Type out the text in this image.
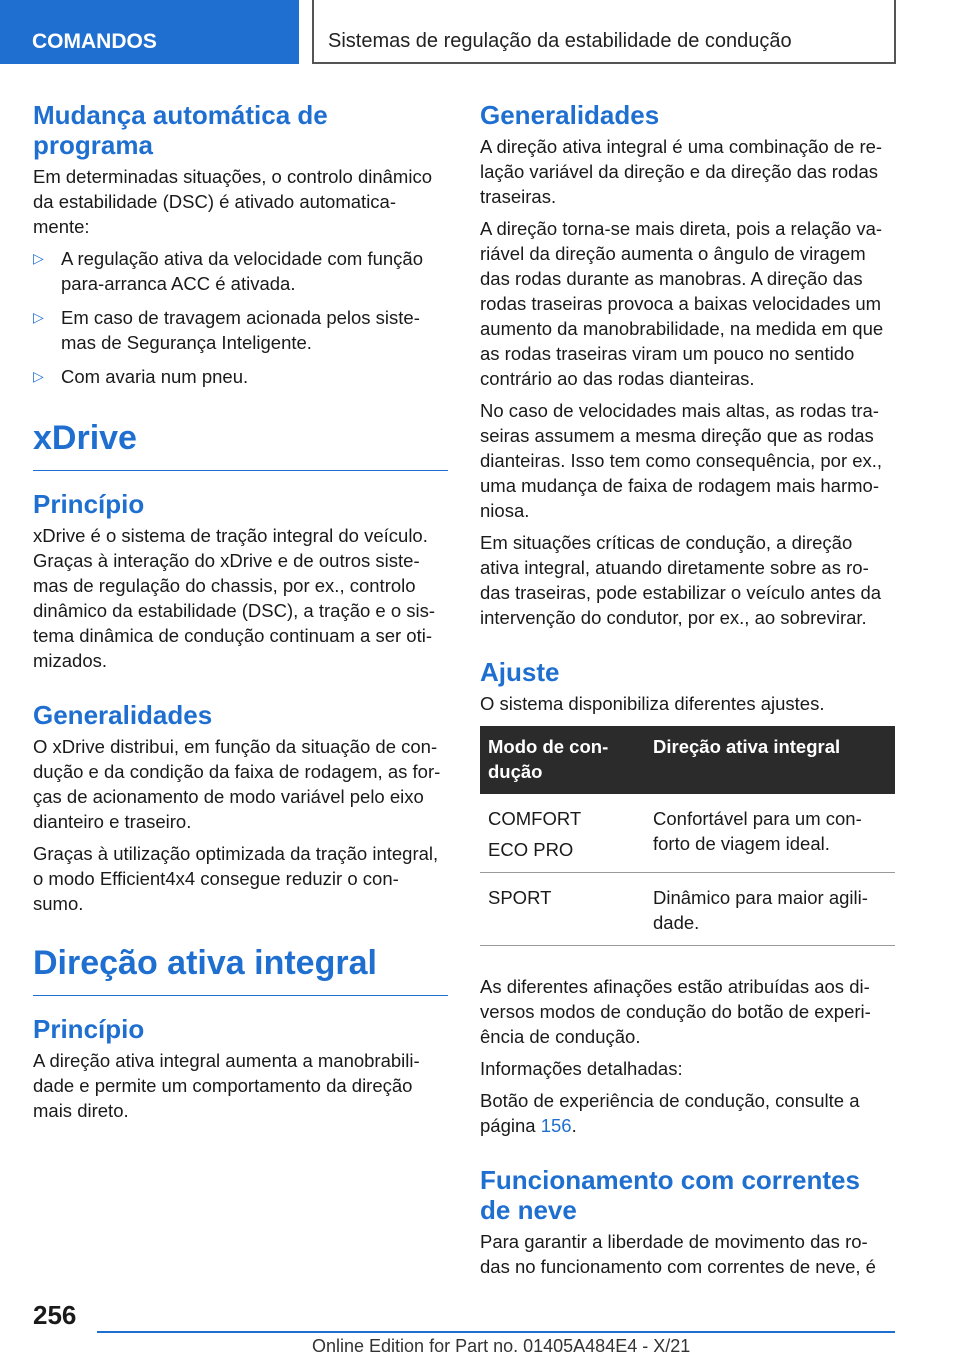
COMANDOS	Sistemas de regulação da estabilidade de condução
Mudança automática de
programa

Em determinadas situações, o controlo dinâmico da estabilidade (DSC) é ativado automatica-mente:

▷ A regulação ativa da velocidade com função para-arranca ACC é ativada.
▷ Em caso de travagem acionada pelos siste-mas de Segurança Inteligente.
▷ Com avaria num pneu.
xDrive
Princípio

xDrive é o sistema de tração integral do veículo. Graças à interação do xDrive e de outros siste-mas de regulação do chassis, por ex., controlo dinâmico da estabilidade (DSC), a tração e o sis-tema dinâmica de condução continuam a ser oti-mizados.

Generalidades

O xDrive distribui, em função da situação de con-dução e da condição da faixa de rodagem, as for-ças de acionamento de modo variável pelo eixo dianteiro e traseiro.

Graças à utilização optimizada da tração integral, o modo Efficient4x4 consegue reduzir o con-sumo.

Direção ativa integral
Princípio

A direção ativa integral aumenta a manobrabili-dade e permite um comportamento da direção mais direto.

Generalidades

A direção ativa integral é uma combinação de re-lação variável da direção e da direção das rodas traseiras.

A direção torna-se mais direta, pois a relação va-riável da direção aumenta o ângulo de viragem das rodas durante as manobras. A direção das rodas traseiras provoca a baixas velocidades um aumento da manobrabilidade, na medida em que as rodas traseiras viram um pouco no sentido contrário ao das rodas dianteiras.

No caso de velocidades mais altas, as rodas tra-seiras assumem a mesma direção que as rodas dianteiras. Isso tem como consequência, por ex., uma mudança de faixa de rodagem mais harmo-niosa.

Em situações críticas de condução, a direção ativa integral, atuando diretamente sobre as ro-das traseiras, pode estabilizar o veículo antes da intervenção do condutor, por ex., ao sobrevirar.

Ajuste

O sistema disponibiliza diferentes ajustes.

Modo de con-dução	Direção ativa integral
COMFORT
ECO PRO	Confortável para um con-forto de viagem ideal.
SPORT	Dinâmico para maior agili-dade.

As diferentes afinações estão atribuídas aos di-versos modos de condução do botão de experi-ência de condução.

Informações detalhadas:

Botão de experiência de condução, consulte a página 156.

Funcionamento com correntes
de neve

Para garantir a liberdade de movimento das ro-das no funcionamento com correntes de neve, é

256
Online Edition for Part no. 01405A484E4 - X/21
